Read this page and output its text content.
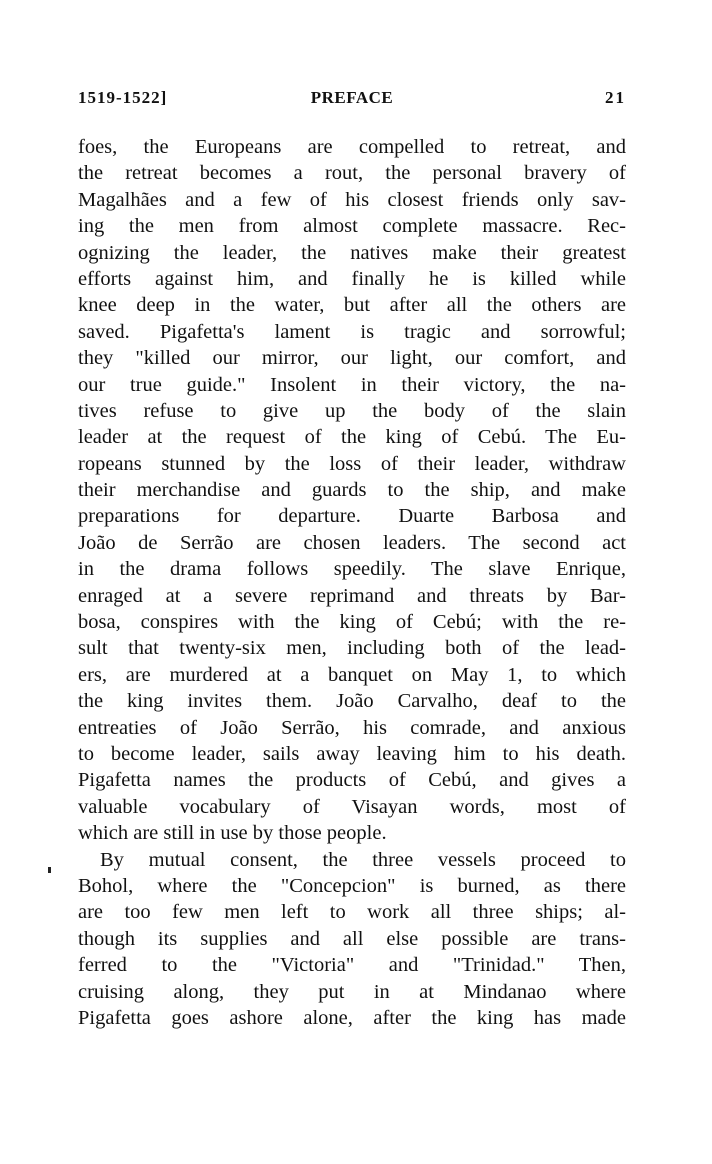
1519-1522]	PREFACE	21
foes, the Europeans are compelled to retreat, and
the retreat becomes a rout, the personal bravery of
Magalhães and a few of his closest friends only sav-
ing the men from almost complete massacre. Rec-
ognizing the leader, the natives make their greatest
efforts against him, and finally he is killed while
knee deep in the water, but after all the others are
saved. Pigafetta's lament is tragic and sorrowful;
they "killed our mirror, our light, our comfort, and
our true guide." Insolent in their victory, the na-
tives refuse to give up the body of the slain
leader at the request of the king of Cebú. The Eu-
ropeans stunned by the loss of their leader, withdraw
their merchandise and guards to the ship, and make
preparations for departure. Duarte Barbosa and
João de Serrão are chosen leaders. The second act
in the drama follows speedily. The slave Enrique,
enraged at a severe reprimand and threats by Bar-
bosa, conspires with the king of Cebú; with the re-
sult that twenty-six men, including both of the lead-
ers, are murdered at a banquet on May 1, to which
the king invites them. João Carvalho, deaf to the
entreaties of João Serrão, his comrade, and anxious
to become leader, sails away leaving him to his death.
Pigafetta names the products of Cebú, and gives a
valuable vocabulary of Visayan words, most of
which are still in use by those people.
By mutual consent, the three vessels proceed to
Bohol, where the "Concepcion" is burned, as there
are too few men left to work all three ships; al-
though its supplies and all else possible are trans-
ferred to the "Victoria" and "Trinidad." Then,
cruising along, they put in at Mindanao where
Pigafetta goes ashore alone, after the king has made
